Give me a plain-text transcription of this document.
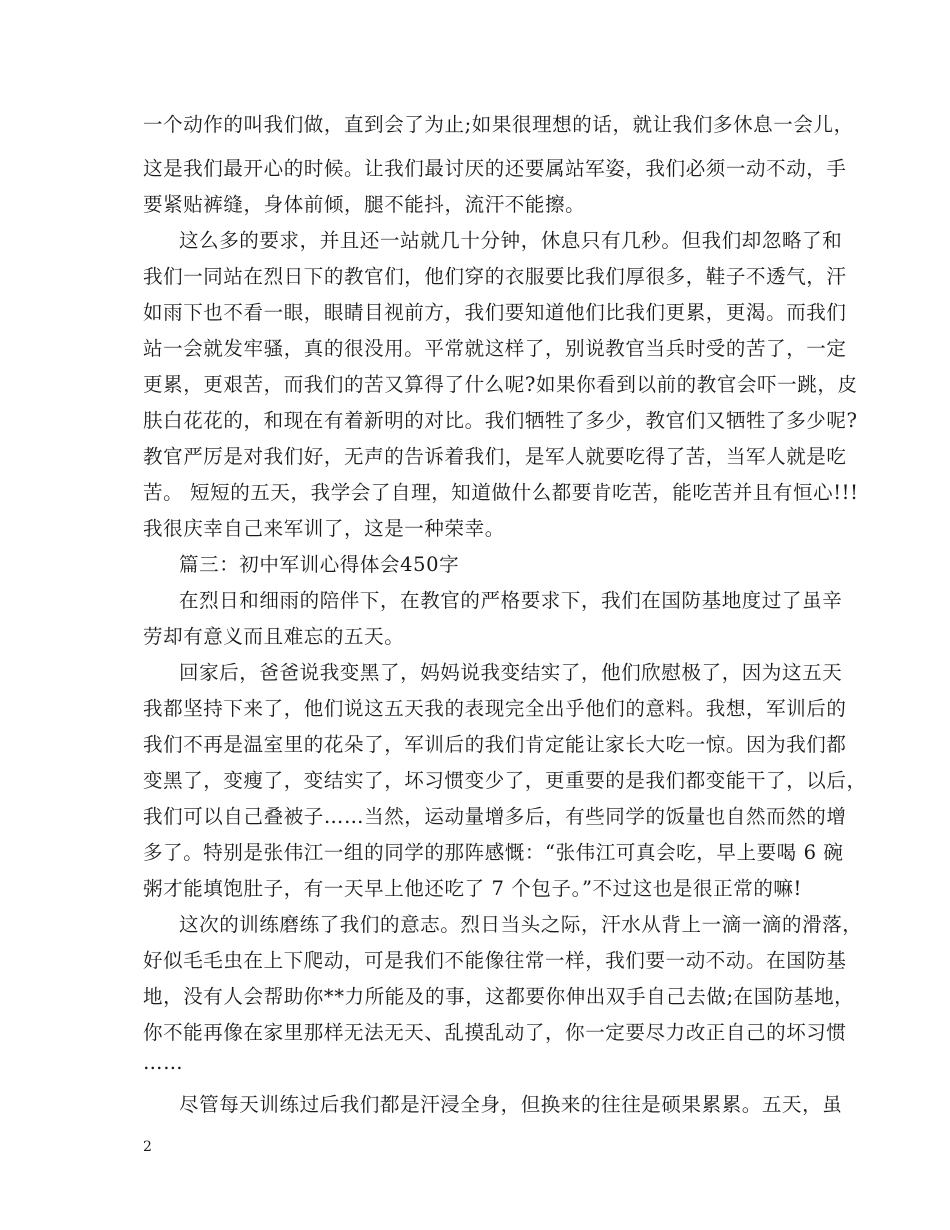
一个动作的叫我们做，直到会了为止;如果很理想的话，就让我们多休息一会儿，
这是我们最开心的时候。让我们最讨厌的还要属站军姿，我们必须一动不动，手
要紧贴裤缝，身体前倾，腿不能抖，流汗不能擦。
这么多的要求，并且还一站就几十分钟，休息只有几秒。但我们却忽略了和
我们一同站在烈日下的教官们，他们穿的衣服要比我们厚很多，鞋子不透气，汗
如雨下也不看一眼，眼睛目视前方，我们要知道他们比我们更累，更渴。而我们
站一会就发牢骚，真的很没用。平常就这样了，别说教官当兵时受的苦了，一定
更累，更艰苦，而我们的苦又算得了什么呢?如果你看到以前的教官会吓一跳，皮
肤白花花的，和现在有着新明的对比。我们牺牲了多少，教官们又牺牲了多少呢?
教官严厉是对我们好，无声的告诉着我们，是军人就要吃得了苦，当军人就是吃
苦。 短短的五天，我学会了自理，知道做什么都要肯吃苦，能吃苦并且有恒心!!!
我很庆幸自己来军训了，这是一种荣幸。
篇三：初中军训心得体会450字
在烈日和细雨的陪伴下，在教官的严格要求下，我们在国防基地度过了虽辛
劳却有意义而且难忘的五天。
回家后，爸爸说我变黑了，妈妈说我变结实了，他们欣慰极了，因为这五天
我都坚持下来了，他们说这五天我的表现完全出乎他们的意料。我想，军训后的
我们不再是温室里的花朵了，军训后的我们肯定能让家长大吃一惊。因为我们都
变黑了，变瘦了，变结实了，坏习惯变少了，更重要的是我们都变能干了，以后，
我们可以自己叠被子……当然，运动量增多后，有些同学的饭量也自然而然的增
多了。特别是张伟江一组的同学的那阵感慨：“张伟江可真会吃，早上要喝 6 碗
粥才能填饱肚子，有一天早上他还吃了 7 个包子。”不过这也是很正常的嘛!
这次的训练磨练了我们的意志。烈日当头之际，汗水从背上一滴一滴的滑落，
好似毛毛虫在上下爬动，可是我们不能像往常一样，我们要一动不动。在国防基
地，没有人会帮助你**力所能及的事，这都要你伸出双手自己去做;在国防基地，
你不能再像在家里那样无法无天、乱摸乱动了，你一定要尽力改正自己的坏习惯
……
尽管每天训练过后我们都是汗浸全身，但换来的往往是硕果累累。五天，虽
2
